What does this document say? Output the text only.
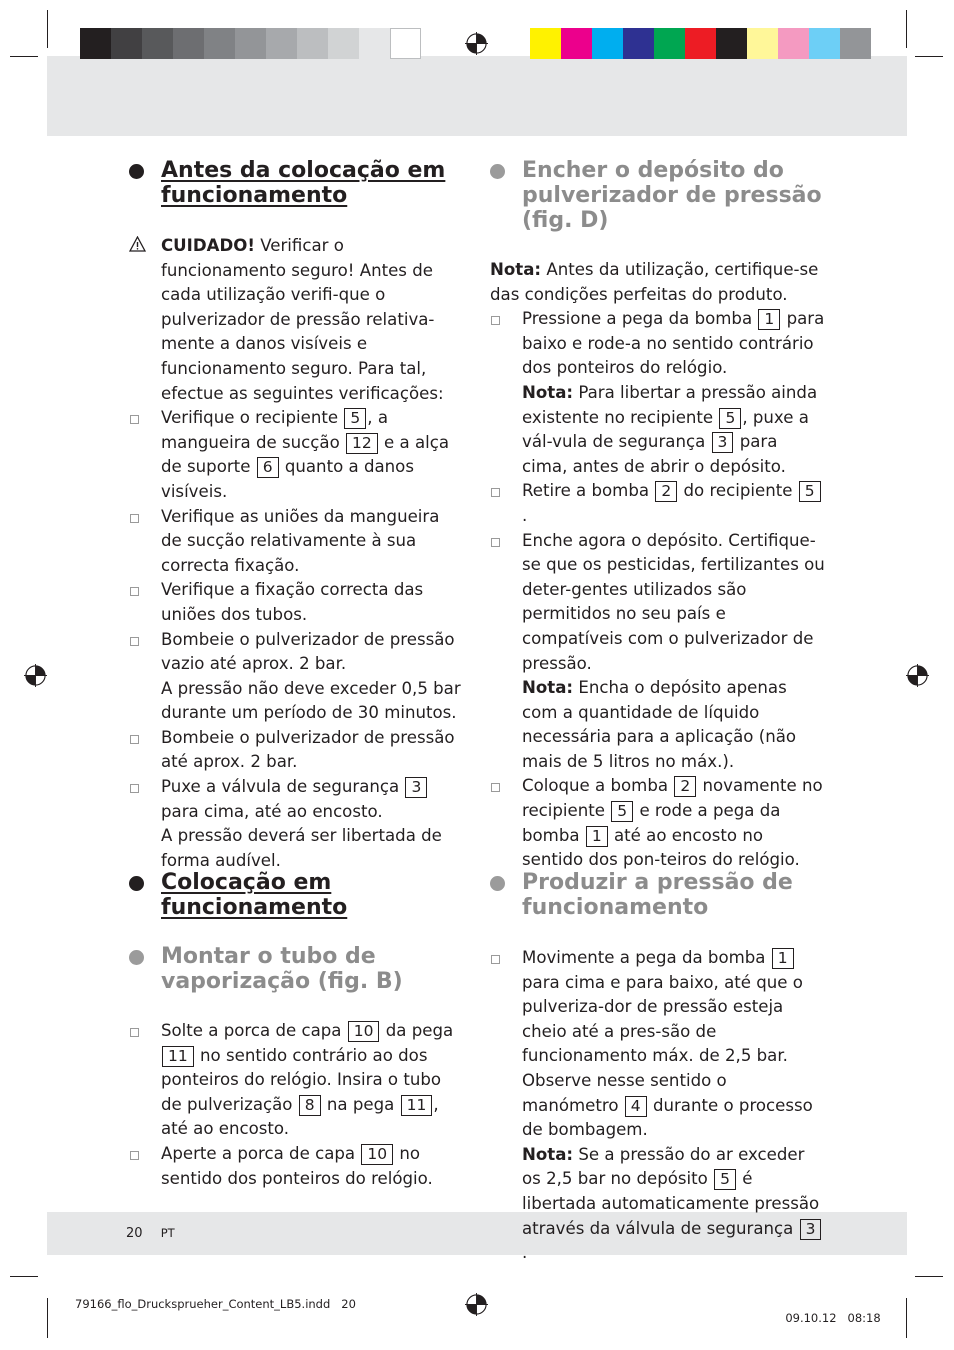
Antes da colocação em funcionamento

CUIDADO! Verificar o funcionamento seguro! Antes de cada utilização verifi-que o pulverizador de pressão relativa-mente a danos visíveis e funcionamento seguro. Para tal, efectue as seguintes verificações:

Verifique o recipiente 5 , a mangueira de sucção 12 e a alça de suporte 6 quanto a danos visíveis.

Verifique as uniões da mangueira de sucção relativamente à sua correcta fixação.

Verifique a fixação correcta das uniões dos tubos.

Bombeie o pulverizador de pressão vazio até aprox. 2 bar.
A pressão não deve exceder 0,5 bar durante um período de 30 minutos.

Bombeie o pulverizador de pressão até aprox. 2 bar.

Puxe a válvula de segurança 3 para cima, até ao encosto.
A pressão deverá ser libertada de forma audível.

Colocação em funcionamento
Montar o tubo de vaporização (fig. B)

Solte a porca de capa 10 da pega 11 no sentido contrário ao dos ponteiros do relógio. Insira o tubo de pulverização 8 na pega 11 , até ao encosto.

Aperte a porca de capa 10 no sentido dos ponteiros do relógio.

Encher o depósito do pulverizador de pressão (fig. D)

Nota: Antes da utilização, certifique-se das condições perfeitas do produto.

Pressione a pega da bomba 1 para baixo e rode-a no sentido contrário dos ponteiros do relógio.
Nota: Para libertar a pressão ainda existente no recipiente 5 , puxe a vál-vula de segurança 3 para cima, antes de abrir o depósito.

Retire a bomba 2 do recipiente 5.

Enche agora o depósito. Certifique-se que os pesticidas, fertilizantes ou deter-gentes utilizados são permitidos no seu país e compatíveis com o pulverizador de pressão.
Nota: Encha o depósito apenas com a quantidade de líquido necessária para a aplicação (não mais de 5 litros no máx.).

Coloque a bomba 2 novamente no recipiente 5 e rode a pega da bomba 1 até ao encosto no sentido dos pon-teiros do relógio.

Produzir a pressão de funcionamento

Movimente a pega da bomba 1 para cima e para baixo, até que o pulveriza-dor de pressão esteja cheio até a pres-são de funcionamento máx. de 2,5 bar. Observe nesse sentido o manómetro 4 durante o processo de bombagem.
Nota: Se a pressão do ar exceder os 2,5 bar no depósito 5 é libertada automaticamente pressão através da válvula de segurança 3.

20 PT
79166_flo_Drucksprueher_Content_LB5.indd   20

09.10.12 08:18
